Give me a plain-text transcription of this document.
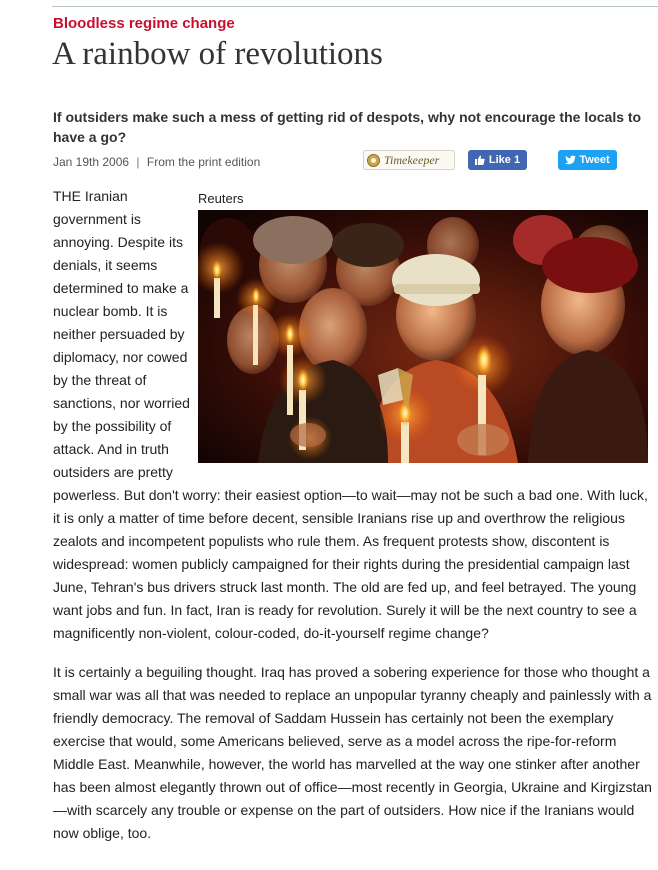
Bloodless regime change
A rainbow of revolutions
If outsiders make such a mess of getting rid of despots, why not encourage the locals to have a go?
Jan 19th 2006 | From the print edition	Timekeeper	Like 1	Tweet
Reuters

THE Iranian government is annoying. Despite its denials, it seems determined to make a nuclear bomb. It is neither persuaded by diplomacy, nor cowed by the threat of sanctions, nor worried by the possibility of attack. And in truth outsiders are pretty powerless. But don't worry: their easiest option—to wait—may not be such a bad one. With luck, it is only a matter of time before decent, sensible Iranians rise up and overthrow the religious zealots and incompetent populists who rule them. As frequent protests show, discontent is widespread: women publicly campaigned for their rights during the presidential campaign last June, Tehran's bus drivers struck last month. The old are fed up, and feel betrayed. The young want jobs and fun. In fact, Iran is ready for revolution. Surely it will be the next country to see a magnificently non-violent, colour-coded, do-it-yourself regime change?

It is certainly a beguiling thought. Iraq has proved a sobering experience for those who thought a small war was all that was needed to replace an unpopular tyranny cheaply and painlessly with a friendly democracy. The removal of Saddam Hussein has certainly not been the exemplary exercise that would, some Americans believed, serve as a model across the ripe-for-reform Middle East. Meanwhile, however, the world has marvelled at the way one stinker after another has been almost elegantly thrown out of office—most recently in Georgia, Ukraine and Kirgizstan—with scarcely any trouble or expense on the part of outsiders. How nice if the Iranians would now oblige, too.
